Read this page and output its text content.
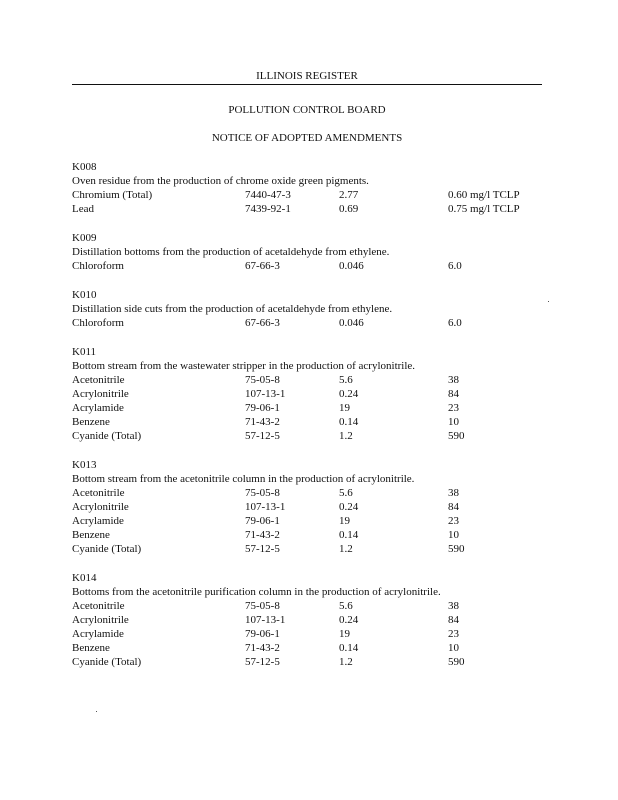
ILLINOIS REGISTER
POLLUTION CONTROL BOARD
NOTICE OF ADOPTED AMENDMENTS
K008
Oven residue from the production of chrome oxide green pigments.
Chromium (Total)	7440-47-3	2.77	0.60 mg/l TCLP
Lead	7439-92-1	0.69	0.75 mg/l TCLP
K009
Distillation bottoms from the production of acetaldehyde from ethylene.
Chloroform	67-66-3	0.046	6.0
K010
Distillation side cuts from the production of acetaldehyde from ethylene.
Chloroform	67-66-3	0.046	6.0
K011
Bottom stream from the wastewater stripper in the production of acrylonitrile.
Acetonitrile	75-05-8	5.6	38
Acrylonitrile	107-13-1	0.24	84
Acrylamide	79-06-1	19	23
Benzene	71-43-2	0.14	10
Cyanide (Total)	57-12-5	1.2	590
K013
Bottom stream from the acetonitrile column in the production of acrylonitrile.
Acetonitrile	75-05-8	5.6	38
Acrylonitrile	107-13-1	0.24	84
Acrylamide	79-06-1	19	23
Benzene	71-43-2	0.14	10
Cyanide (Total)	57-12-5	1.2	590
K014
Bottoms from the acetonitrile purification column in the production of acrylonitrile.
Acetonitrile	75-05-8	5.6	38
Acrylonitrile	107-13-1	0.24	84
Acrylamide	79-06-1	19	23
Benzene	71-43-2	0.14	10
Cyanide (Total)	57-12-5	1.2	590
